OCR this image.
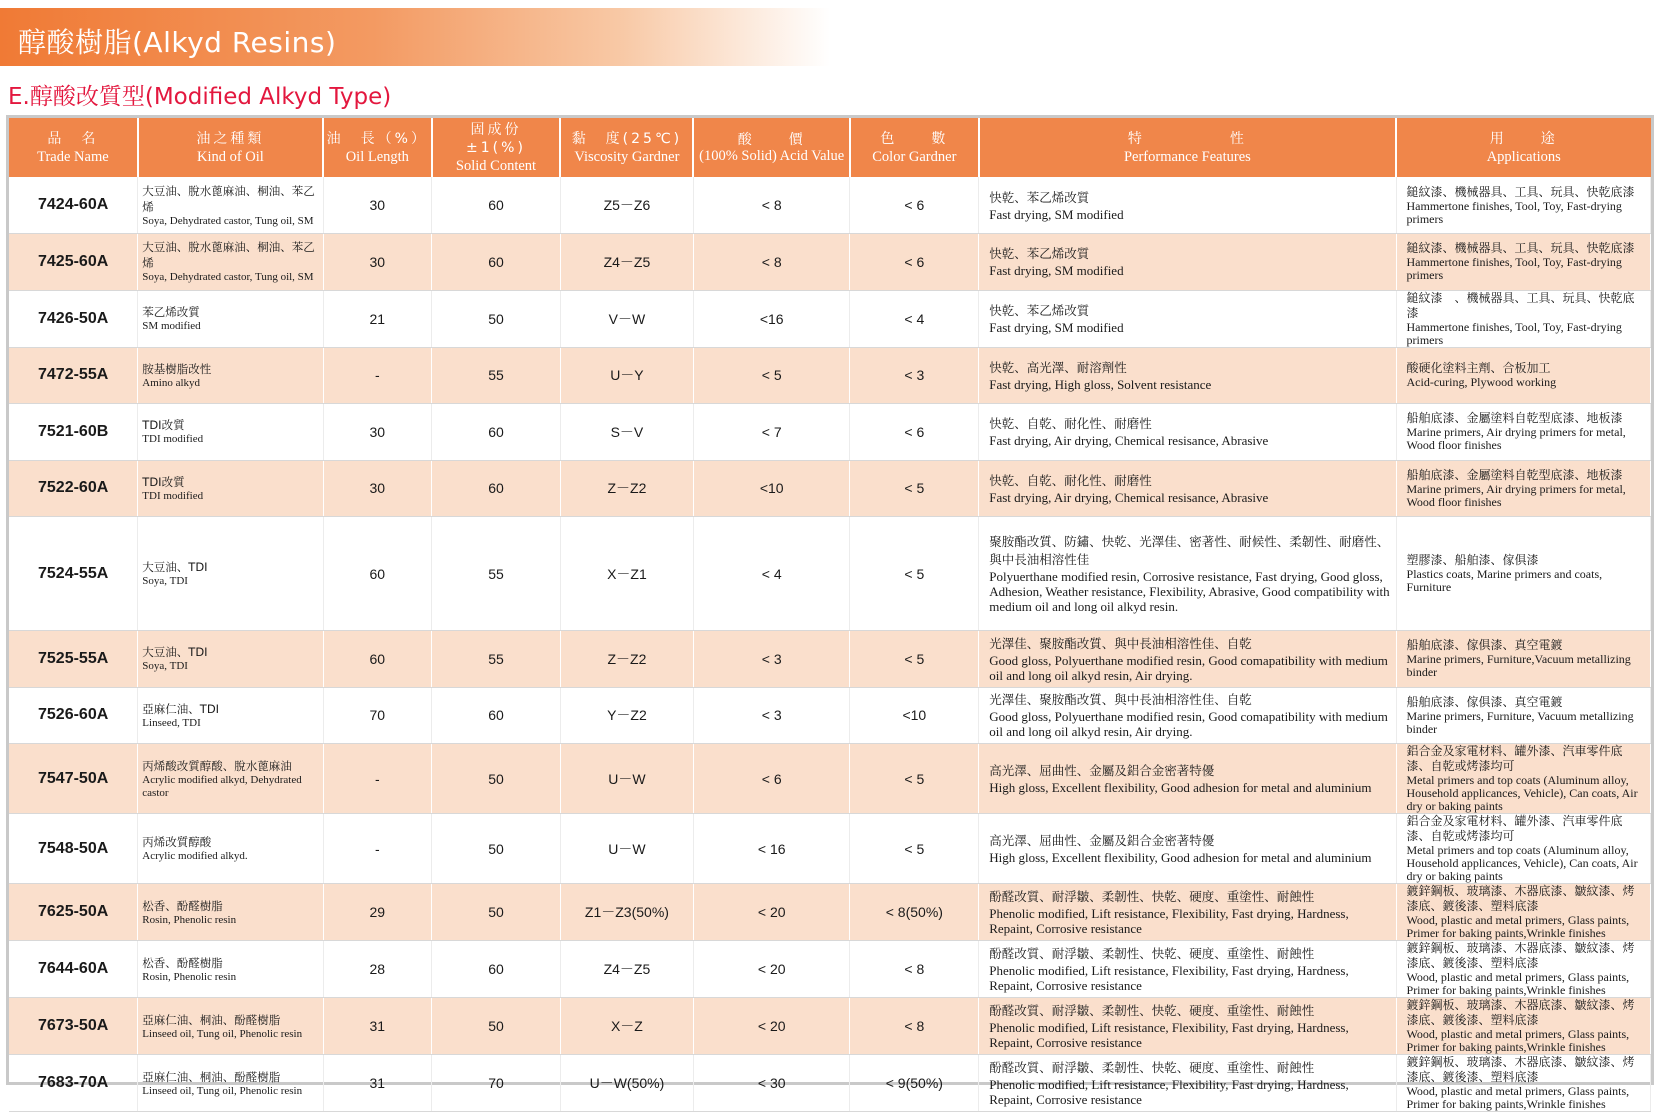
醇酸樹脂(Alkyd Resins)
E.醇酸改質型(Modified Alkyd Type)
品　名
Trade Name	油之種類
Kind of Oil	油　長（%）
Oil Length	固成份　±1(%)
Solid Content	黏　度(25℃)
Viscosity Gardner	酸　　價
(100% Solid) Acid Value	色　　數
Color Gardner	特　　　　　性
Performance Features	用　　途
Applications

7424-60A	大豆油、脫水蓖麻油、桐油、苯乙烯
Soya, Dehydrated castor, Tung oil, SM	30	60	Z5－Z6	< 8	< 6	快乾、苯乙烯改質
Fast drying, SM modified	鎚紋漆、機械器具、工具、玩具、快乾底漆
Hammertone finishes, Tool, Toy, Fast-drying primers

7425-60A	大豆油、脫水蓖麻油、桐油、苯乙烯
Soya, Dehydrated castor, Tung oil, SM	30	60	Z4－Z5	< 8	< 6	快乾、苯乙烯改質
Fast drying, SM modified	鎚紋漆、機械器具、工具、玩具、快乾底漆
Hammertone finishes, Tool, Toy, Fast-drying primers

7426-50A	苯乙烯改質
SM modified	21	50	V－W	<16	< 4	快乾、苯乙烯改質
Fast drying, SM modified	鎚紋漆　、機械器具、工具、玩具、快乾底漆
Hammertone finishes, Tool, Toy, Fast-drying primers

7472-55A	胺基樹脂改性
Amino alkyd	-	55	U－Y	< 5	< 3	快乾、高光澤、耐溶劑性
Fast drying, High gloss, Solvent resistance	酸硬化塗料主劑、合板加工
Acid-curing, Plywood working

7521-60B	TDI改質
TDI modified	30	60	S－V	< 7	< 6	快乾、自乾、耐化性、耐磨性
Fast drying, Air drying, Chemical resisance, Abrasive	船舶底漆、金屬塗料自乾型底漆、地板漆
Marine primers, Air drying primers for metal, Wood floor finishes

7522-60A	TDI改質
TDI modified	30	60	Z－Z2	<10	< 5	快乾、自乾、耐化性、耐磨性
Fast drying, Air drying, Chemical resisance, Abrasive	船舶底漆、金屬塗料自乾型底漆、地板漆
Marine primers, Air drying primers for metal, Wood floor finishes

7524-55A	大豆油、TDI
Soya, TDI	60	55	X－Z1	< 4	< 5	聚胺酯改質、防鏽、快乾、光澤佳、密著性、耐候性、柔韌性、耐磨性、與中長油相溶性佳
Polyuerthane modified resin, Corrosive resistance, Fast drying, Good gloss, Adhesion, Weather resistance, Flexibility, Abrasive, Good compatibility with medium oil and long oil alkyd resin.	塑膠漆、船舶漆、傢俱漆
Plastics coats, Marine primers and coats, Furniture

7525-55A	大豆油、TDI
Soya, TDI	60	55	Z－Z2	< 3	< 5	光澤佳、聚胺酯改質、與中長油相溶性佳、自乾
Good gloss, Polyuerthane modified resin, Good comapatibility with medium oil and long oil alkyd resin, Air drying.	船舶底漆、傢俱漆、真空電鍍
Marine primers, Furniture,Vacuum metallizing binder

7526-60A	亞麻仁油、TDI
Linseed, TDI	70	60	Y－Z2	< 3	<10	光澤佳、聚胺酯改質、與中長油相溶性佳、自乾
Good gloss, Polyuerthane modified resin, Good comapatibility with medium oil and long oil alkyd resin, Air drying.	船舶底漆、傢俱漆、真空電鍍
Marine primers, Furniture, Vacuum metallizing binder

7547-50A	丙烯酸改質醇酸、脫水蓖麻油
Acrylic modified alkyd, Dehydrated castor	-	50	U－W	< 6	< 5	高光澤、屈曲性、金屬及鋁合金密著特優
High gloss, Excellent flexibility, Good adhesion for metal and aluminium	鋁合金及家電材料、罐外漆、汽車零件底漆、自乾或烤漆均可
Metal primers and top coats (Aluminum alloy, Household applicances, Vehicle), Can coats, Air dry or baking paints

7548-50A	丙烯改質醇酸
Acrylic modified alkyd.	-	50	U－W	< 16	< 5	高光澤、屈曲性、金屬及鋁合金密著特優
High gloss, Excellent flexibility, Good adhesion for metal and aluminium	鋁合金及家電材料、罐外漆、汽車零件底漆、自乾或烤漆均可
Metal primers and top coats (Aluminum alloy, Household applicances, Vehicle), Can coats, Air dry or baking paints

7625-50A	松香、酚醛樹脂
Rosin, Phenolic resin	29	50	Z1－Z3(50%)	< 20	< 8(50%)	酚醛改質、耐浮皺、柔韌性、快乾、硬度、重塗性、耐蝕性
Phenolic modified, Lift resistance, Flexibility, Fast drying, Hardness, Repaint, Corrosive resistance	鍍鋅鋼板、玻璃漆、木器底漆、皺紋漆、烤漆底、鍍後漆、塑料底漆
Wood, plastic and metal primers, Glass paints, Primer for baking paints,Wrinkle finishes

7644-60A	松香、酚醛樹脂
Rosin, Phenolic resin	28	60	Z4－Z5	< 20	< 8	酚醛改質、耐浮皺、柔韌性、快乾、硬度、重塗性、耐蝕性
Phenolic modified, Lift resistance, Flexibility, Fast drying, Hardness, Repaint, Corrosive resistance	鍍鋅鋼板、玻璃漆、木器底漆、皺紋漆、烤漆底、鍍後漆、塑料底漆
Wood, plastic and metal primers, Glass paints, Primer for baking paints,Wrinkle finishes

7673-50A	亞麻仁油、桐油、酚醛樹脂
Linseed oil, Tung oil, Phenolic resin	31	50	X－Z	< 20	< 8	酚醛改質、耐浮皺、柔韌性、快乾、硬度、重塗性、耐蝕性
Phenolic modified, Lift resistance, Flexibility, Fast drying, Hardness, Repaint, Corrosive resistance	鍍鋅鋼板、玻璃漆、木器底漆、皺紋漆、烤漆底、鍍後漆、塑料底漆
Wood, plastic and metal primers, Glass paints, Primer for baking paints,Wrinkle finishes

7683-70A	亞麻仁油、桐油、酚醛樹脂
Linseed oil, Tung oil, Phenolic resin	31	70	U－W(50%)	< 30	< 9(50%)	酚醛改質、耐浮皺、柔韌性、快乾、硬度、重塗性、耐蝕性
Phenolic modified, Lift resistance, Flexibility, Fast drying, Hardness, Repaint, Corrosive resistance	鍍鋅鋼板、玻璃漆、木器底漆、皺紋漆、烤漆底、鍍後漆、塑料底漆
Wood, plastic and metal primers, Glass paints, Primer for baking paints,Wrinkle finishes
